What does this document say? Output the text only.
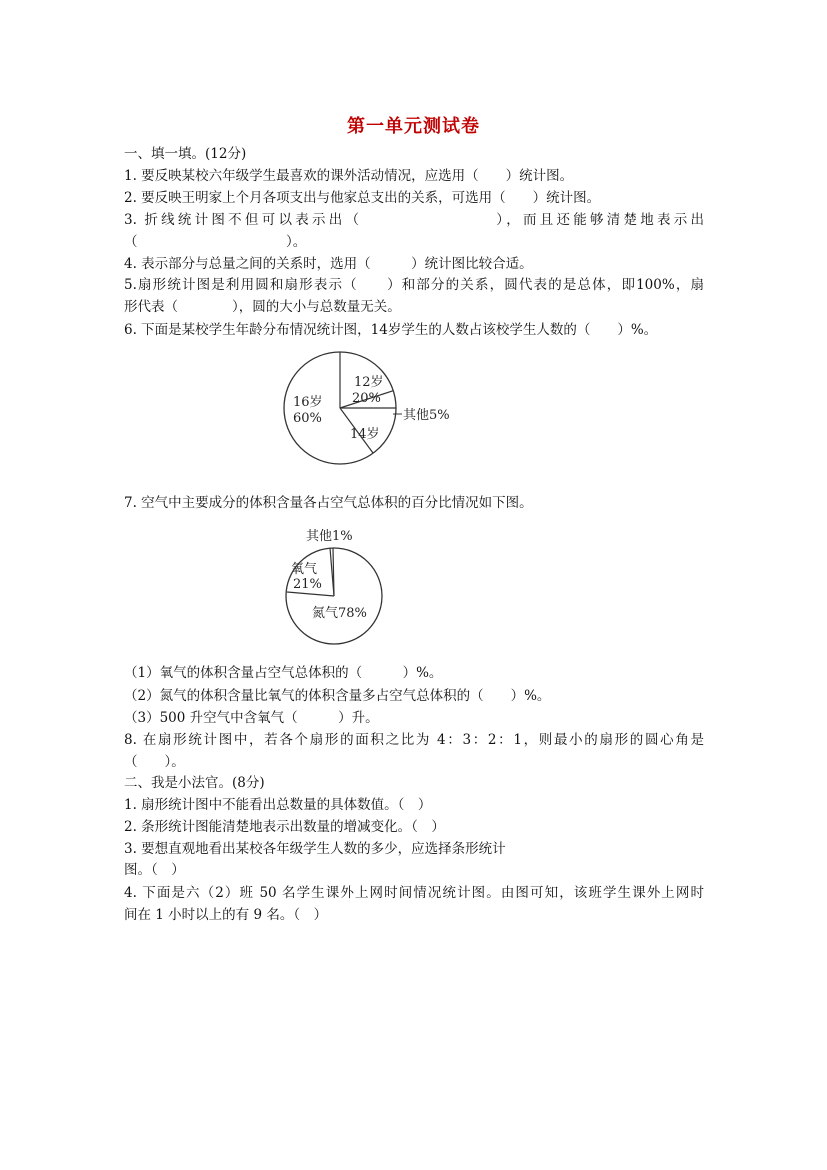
第一单元测试卷
一、填一填。(12分)
1. 要反映某校六年级学生最喜欢的课外活动情况，应选用（　　）统计图。
2. 要反映王明家上个月各项支出与他家总支出的关系，可选用（　　）统计图。
3. 折线统计图不但可以表示出（　　　　　　　　），而且还能够清楚地表示出
（　　　　　　　　　　　）。
4. 表示部分与总量之间的关系时，选用（　　　）统计图比较合适。
5.扇形统计图是利用圆和扇形表示（　　）和部分的关系，圆代表的是总体，即100%，扇
形代表（　　　　），圆的大小与总数量无关。
6. 下面是某校学生年龄分布情况统计图，14岁学生的人数占该校学生人数的（　　）%。
16岁
60%
12岁
20%
14岁
其他5%
7. 空气中主要成分的体积含量各占空气总体积的百分比情况如下图。
其他1%
氧气
21%
氮气78%
（1）氧气的体积含量占空气总体积的（　　　）%。
（2）氮气的体积含量比氧气的体积含量多占空气总体积的（　　）%。
（3）500 升空气中含氧气（　　　）升。
8. 在扇形统计图中，若各个扇形的面积之比为 4：3：2：1，则最小的扇形的圆心角是
（　　）。
二、我是小法官。(8分)
1. 扇形统计图中不能看出总数量的具体数值。（　）
2. 条形统计图能清楚地表示出数量的增减变化。（　）
3. 要想直观地看出某校各年级学生人数的多少，应选择条形统计
图。（　）
4. 下面是六（2）班 50 名学生课外上网时间情况统计图。由图可知，该班学生课外上网时
间在 1 小时以上的有 9 名。（　）
